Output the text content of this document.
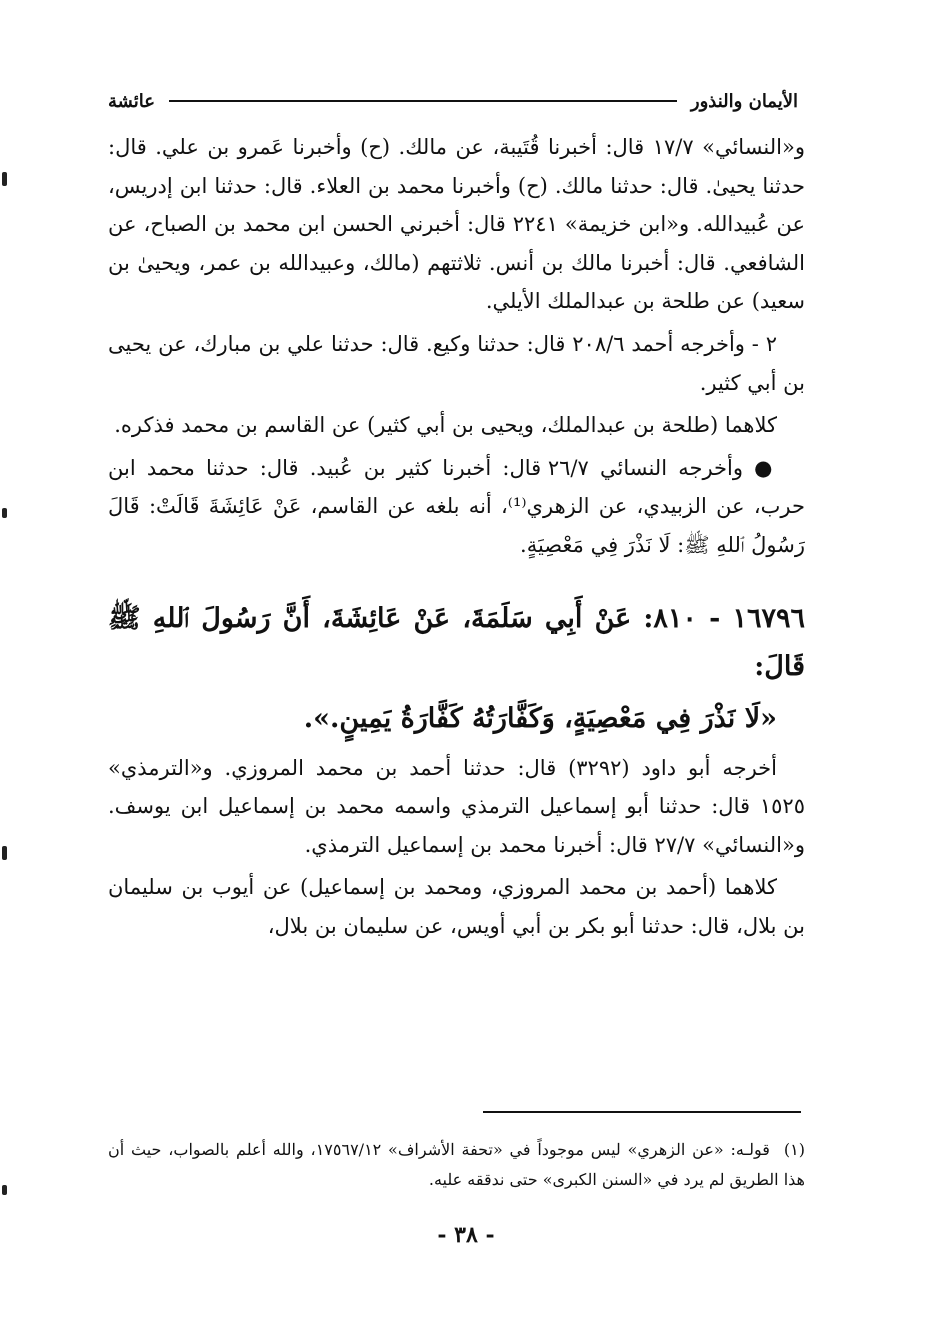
الأيمان والنذور
عائشة

و«النسائي» ١٧/٧ قال: أخبرنا قُتَيبة، عن مالك. (ح) وأخبرنا عَمرو بن علي. قال: حدثنا يحيىٰ. قال: حدثنا مالك. (ح) وأخبرنا محمد بن العلاء. قال: حدثنا ابن إدريس، عن عُبيدالله. و«ابن خزيمة» ٢٢٤١ قال: أخبرني الحسن ابن محمد بن الصباح، عن الشافعي. قال: أخبرنا مالك بن أنس. ثلاثتهم (مالك، وعبيدالله بن عمر، ويحيىٰ بن سعيد) عن طلحة بن عبدالملك الأيلي.

٢ - وأخرجه أحمد ٢٠٨/٦ قال: حدثنا وكيع. قال: حدثنا علي بن مبارك، عن يحيى بن أبي كثير.

كلاهما (طلحة بن عبدالملك، ويحيى بن أبي كثير) عن القاسم بن محمد فذكره.

● وأخرجه النسائي ٢٦/٧ قال: أخبرنا كثير بن عُبيد. قال: حدثنا محمد ابن حرب، عن الزبيدي، عن الزهري⁽¹⁾، أنه بلغه عن القاسم، عَنْ عَائِشَةَ قَالَتْ: قَالَ رَسُولُ ٱللهِ ﷺ: لَا نَذْرَ فِي مَعْصِيَةٍ.

١٦٧٩٦ - ٨١٠: عَنْ أَبِي سَلَمَةَ، عَنْ عَائِشَةَ، أَنَّ رَسُولَ ٱللهِ ﷺ قَالَ:

«لَا نَذْرَ فِي مَعْصِيَةٍ، وَكَفَّارَتُهُ كَفَّارَةُ يَمِينٍ.».

أخرجه أبو داود (٣٢٩٢) قال: حدثنا أحمد بن محمد المروزي. و«الترمذي» ١٥٢٥ قال: حدثنا أبو إسماعيل الترمذي واسمه محمد بن إسماعيل ابن يوسف. و«النسائي» ٢٧/٧ قال: أخبرنا محمد بن إسماعيل الترمذي.

كلاهما (أحمد بن محمد المروزي، ومحمد بن إسماعيل) عن أيوب بن سليمان بن بلال، قال: حدثنا أبو بكر بن أبي أويس، عن سليمان بن بلال،

(١)قولـه: «عن الزهري» ليس موجوداً في «تحفة الأشراف» ١٧٥٦٧/١٢، والله أعلم بالصواب، حيث أن هذا الطريق لم يرد في «السنن الكبرى» حتى ندققه عليه.
- ٣٨ -
